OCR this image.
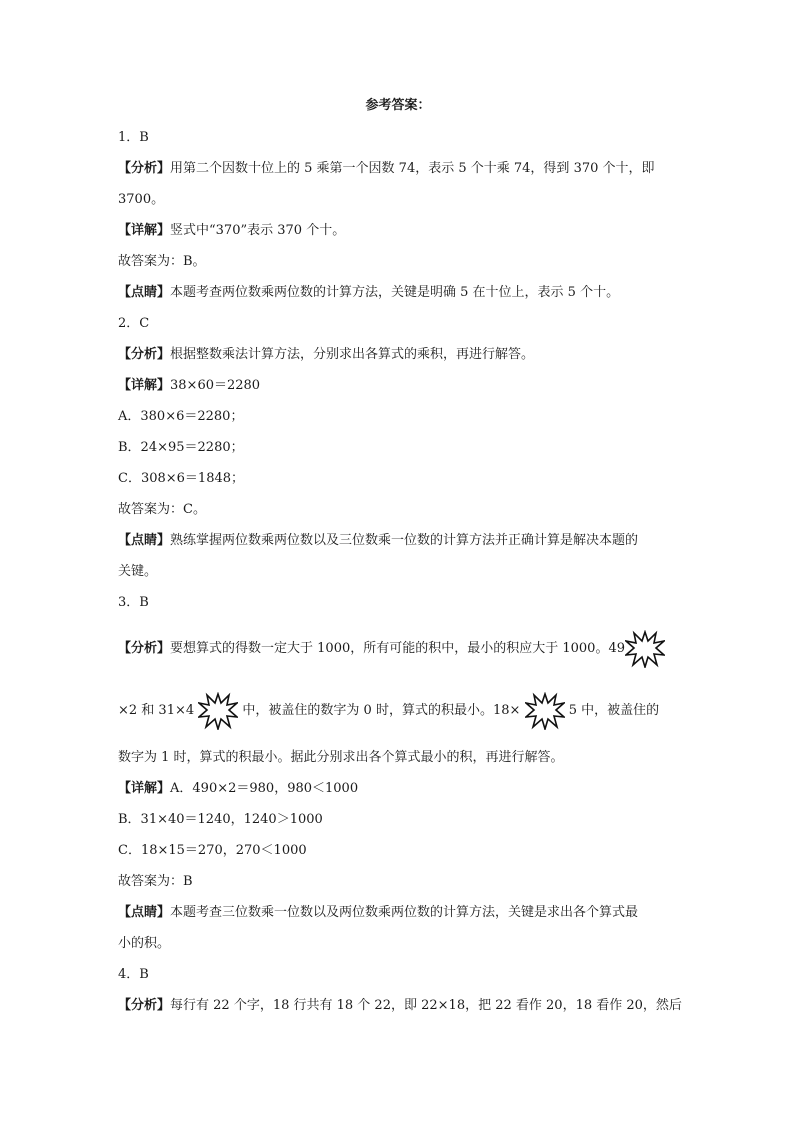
参考答案：
1．B
【分析】用第二个因数十位上的 5 乘第一个因数 74，表示 5 个十乘 74，得到 370 个十，即
3700。
【详解】竖式中“370”表示 370 个十。
故答案为：B。
【点睛】本题考查两位数乘两位数的计算方法，关键是明确 5 在十位上，表示 5 个十。
2．C
【分析】根据整数乘法计算方法，分别求出各算式的乘积，再进行解答。
【详解】38×60＝2280
A．380×6＝2280；
B．24×95＝2280；
C．308×6＝1848；
故答案为：C。
【点睛】熟练掌握两位数乘两位数以及三位数乘一位数的计算方法并正确计算是解决本题的
关键。
3．B
【分析】要想算式的得数一定大于 1000，所有可能的积中，最小的积应大于 1000。49
×2 和 31×4	中，被盖住的数字为 0 时，算式的积最小。18×	5 中，被盖住的
数字为 1 时，算式的积最小。据此分别求出各个算式最小的积，再进行解答。
【详解】A．490×2＝980，980＜1000
B．31×40＝1240，1240＞1000
C．18×15＝270，270＜1000
故答案为：B
【点睛】本题考查三位数乘一位数以及两位数乘两位数的计算方法，关键是求出各个算式最
小的积。
4．B
【分析】每行有 22 个字，18 行共有 18 个 22，即 22×18，把 22 看作 20，18 看作 20，然后
